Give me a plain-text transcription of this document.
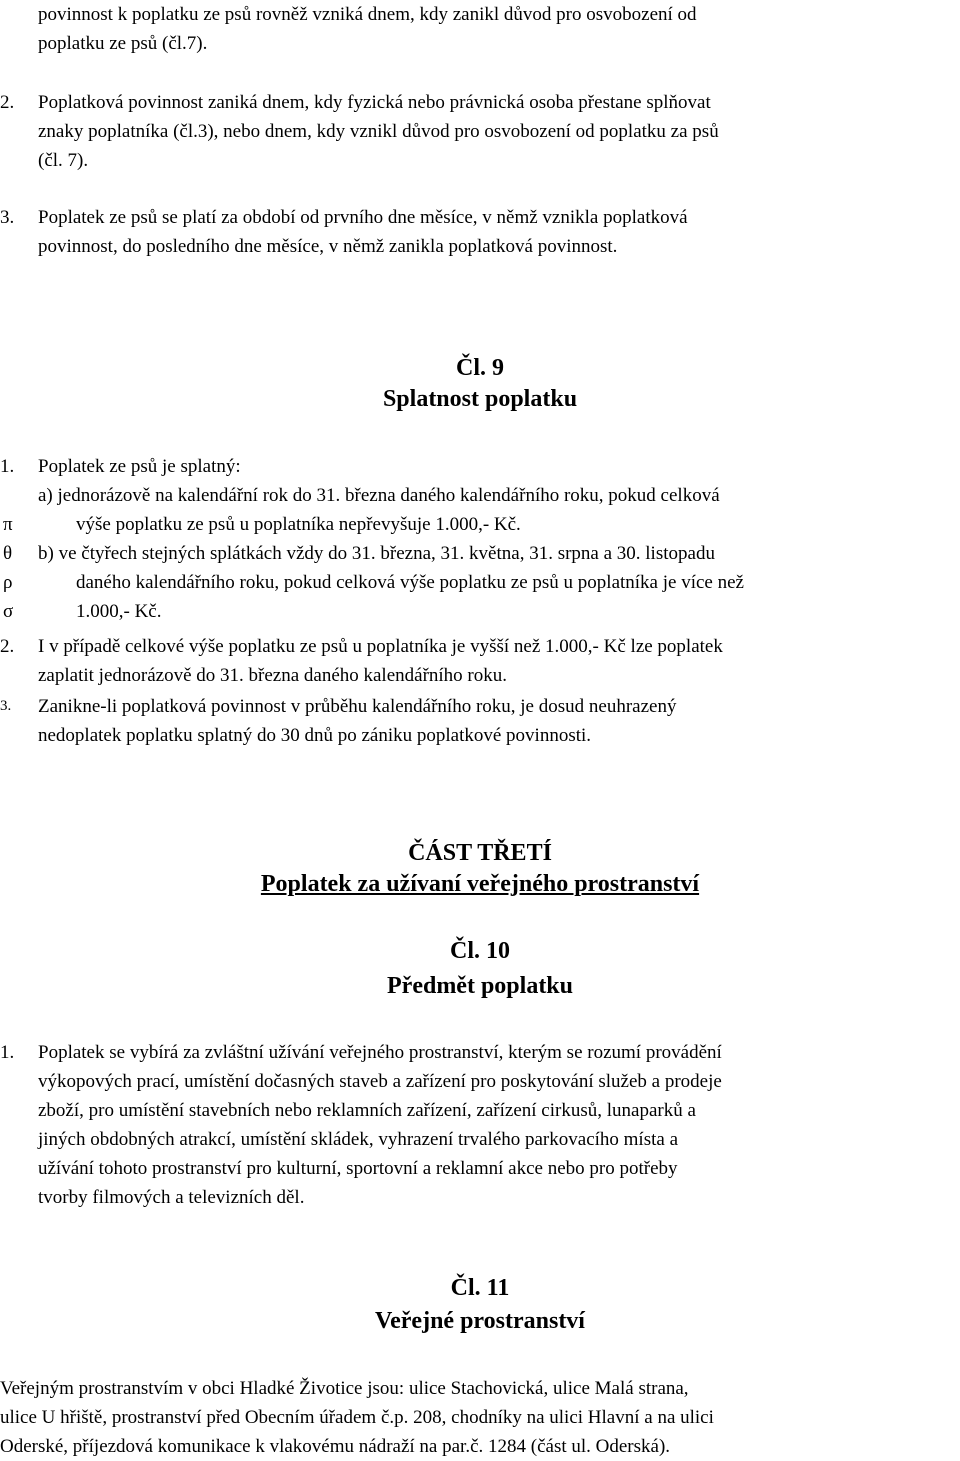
povinnost k poplatku ze psů rovněž vzniká dnem, kdy zanikl důvod pro osvobození od
poplatku ze psů (čl.7).
2. Poplatková povinnost zaniká dnem, kdy fyzická nebo právnická osoba přestane splňovat
znaky poplatníka (čl.3), nebo dnem, kdy vznikl důvod pro osvobození od poplatku za psů
(čl. 7).
3. Poplatek ze psů se platí za období od prvního dne měsíce, v němž vznikla poplatková
povinnost, do posledního dne měsíce, v němž zanikla poplatková povinnost.
Čl. 9
Splatnost poplatku
1. Poplatek ze psů je splatný:
a) jednorázově na kalendářní rok do 31. března daného kalendářního roku, pokud celková
výše poplatku ze psů u poplatníka nepřevyšuje 1.000,- Kč.
b) ve čtyřech stejných splátkách vždy do 31. března, 31. května, 31. srpna a 30. listopadu
daného kalendářního roku, pokud celková výše poplatku ze psů u poplatníka je více než
1.000,- Kč.
π
θ
ρ
σ
2. I v případě celkové výše poplatku ze psů u poplatníka je vyšší než 1.000,- Kč lze poplatek
zaplatit jednorázově do 31. března daného kalendářního roku.
3. Zanikne-li poplatková povinnost v průběhu kalendářního roku, je dosud neuhrazený
nedoplatek poplatku splatný do 30 dnů po zániku poplatkové povinnosti.
ČÁST TŘETÍ
Poplatek za užívaní veřejného prostranství
Čl. 10
Předmět poplatku
1. Poplatek se vybírá za zvláštní užívání veřejného prostranství, kterým se rozumí provádění
výkopových prací, umístění dočasných staveb a zařízení pro poskytování služeb a prodeje
zboží, pro umístění stavebních nebo reklamních zařízení, zařízení cirkusů, lunaparků a
jiných obdobných atrakcí, umístění skládek, vyhrazení trvalého parkovacího místa a
užívání tohoto prostranství pro kulturní, sportovní a reklamní akce nebo pro potřeby
tvorby filmových a televizních děl.
Čl. 11
Veřejné prostranství
Veřejným prostranstvím v obci Hladké Životice jsou: ulice Stachovická, ulice Malá strana,
ulice U hřiště, prostranství před Obecním úřadem č.p. 208, chodníky na ulici Hlavní a na ulici
Oderské, příjezdová komunikace k vlakovému nádraží na par.č. 1284 (část ul. Oderská).
